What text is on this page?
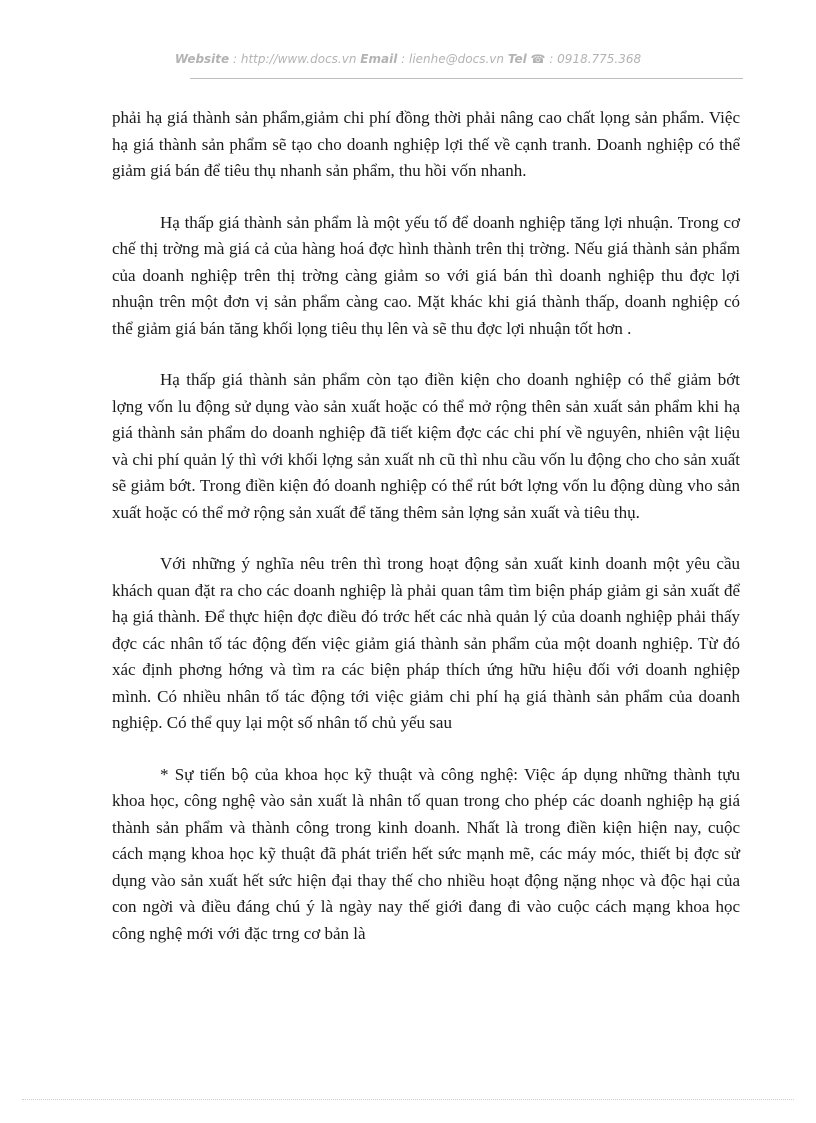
Website : http://www.docs.vn Email : lienhe@docs.vn Tel ☎ : 0918.775.368

phải hạ giá thành sản phẩm,giảm chi phí đồng thời phải nâng cao chất lọng sản phẩm. Việc hạ giá thành sản phẩm sẽ tạo cho doanh nghiệp lợi thế về cạnh tranh. Doanh nghiệp có thể giảm giá bán để tiêu thụ nhanh sản phẩm, thu hồi vốn nhanh.

Hạ thấp giá thành sản phẩm là một yếu tố để doanh nghiệp tăng lợi nhuận. Trong cơ chế thị trờng mà giá cả của hàng hoá đợc hình thành trên thị trờng. Nếu giá thành sản phẩm của doanh nghiệp trên thị trờng càng giảm so với giá bán thì doanh nghiệp thu đợc lợi nhuận trên một đơn vị sản phẩm càng cao. Mặt khác khi giá thành thấp, doanh nghiệp có thể giảm giá bán tăng khối lọng tiêu thụ lên và sẽ thu đợc lợi nhuận tốt hơn .

Hạ thấp giá thành sản phẩm còn tạo điền kiện cho doanh nghiệp có thể giảm bớt lợng vốn lu động sử dụng vào sản xuất hoặc có thể mở rộng thên sản xuất sản phẩm khi hạ giá thành sản phẩm do doanh nghiệp đã tiết kiệm đợc các chi phí về nguyên, nhiên vật liệu và chi phí quản lý thì với khối lợng sản xuất nh cũ thì nhu cầu vốn lu động cho cho sản xuất sẽ giảm bớt. Trong điền kiện đó doanh nghiệp có thể rút bớt lợng vốn lu động dùng vho sản xuất hoặc có thể mở rộng sản xuất để tăng thêm sản lợng sản xuất và tiêu thụ.

Với những ý nghĩa nêu trên thì trong hoạt động sản xuất kinh doanh một yêu cầu khách quan đặt ra cho các doanh nghiệp là phải quan tâm tìm biện pháp giảm gi sản xuất để hạ giá thành. Để thực hiện đợc điều đó trớc hết các nhà quản lý của doanh nghiệp phải thấy đợc các nhân tố tác động đến việc giảm giá thành sản phẩm của một doanh nghiệp. Từ đó xác định phơng hớng và tìm ra các biện pháp thích ứng hữu hiệu đối với doanh nghiệp mình. Có nhiều nhân tố tác động tới việc giảm chi phí hạ giá thành sản phẩm của doanh nghiệp. Có thể quy lại một số nhân tố chủ yếu sau

* Sự tiến bộ của khoa học kỹ thuật và công nghệ: Việc áp dụng những thành tựu khoa học, công nghệ vào sản xuất là nhân tố quan trong cho phép các doanh nghiệp hạ giá thành sản phẩm và thành công trong kinh doanh. Nhất là trong điền kiện hiện nay, cuộc cách mạng khoa học kỹ thuật đã phát triển hết sức mạnh mẽ, các máy móc, thiết bị đợc sử dụng vào sản xuất hết sức hiện đại thay thế cho nhiều hoạt động nặng nhọc và độc hại của con ngời và điều đáng chú ý là ngày nay thế giới đang đi vào cuộc cách mạng khoa học công nghệ mới với đặc trng cơ bản là
